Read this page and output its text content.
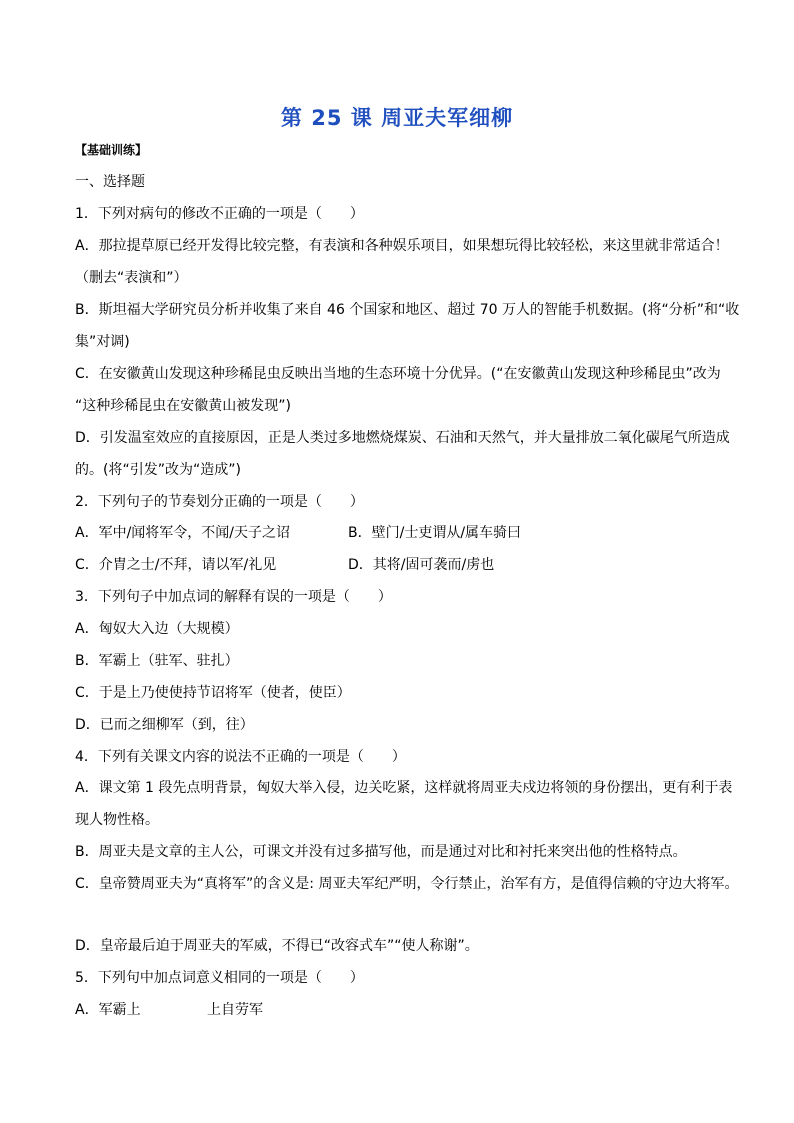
第 25 课 周亚夫军细柳
【基础训练】
一、选择题
1．下列对病句的修改不正确的一项是（　　）
A．那拉提草原已经开发得比较完整，有表演和各种娱乐项目，如果想玩得比较轻松，来这里就非常适合！
（删去“表演和”）
B．斯坦福大学研究员分析并收集了来自 46 个国家和地区、超过 70 万人的智能手机数据。(将“分析”和“收
集”对调)
C．在安徽黄山发现这种珍稀昆虫反映出当地的生态环境十分优异。(“在安徽黄山发现这种珍稀昆虫”改为
“这种珍稀昆虫在安徽黄山被发现”)
D．引发温室效应的直接原因，正是人类过多地燃烧煤炭、石油和天然气，并大量排放二氧化碳尾气所造成
的。(将“引发”改为“造成”)
2．下列句子的节奏划分正确的一项是（　　）
A．军中/闻将军令，不闻/天子之诏	B．壁门/士吏谓从/属车骑曰
C．介胄之士/不拜，请以军/礼见	D．其将/固可袭而/虏也
3．下列句子中加点词的解释有误的一项是（　　）
A．匈奴大入边（大规模）
B．军霸上（驻军、驻扎）
C．于是上乃使使持节诏将军（使者，使臣）
D．已而之细柳军（到，往）
4．下列有关课文内容的说法不正确的一项是（　　）
A．课文第 1 段先点明背景，匈奴大举入侵，边关吃紧，这样就将周亚夫戍边将领的身份摆出，更有利于表
现人物性格。
B．周亚夫是文章的主人公，可课文并没有过多描写他，而是通过对比和衬托来突出他的性格特点。
C．皇帝赞周亚夫为“真将军”的含义是: 周亚夫军纪严明，令行禁止，治军有方，是值得信赖的守边大将军。
D．皇帝最后迫于周亚夫的军威，不得已“改容式车”“使人称谢”。
5．下列句中加点词意义相同的一项是（　　）
A．军霸上	上自劳军
